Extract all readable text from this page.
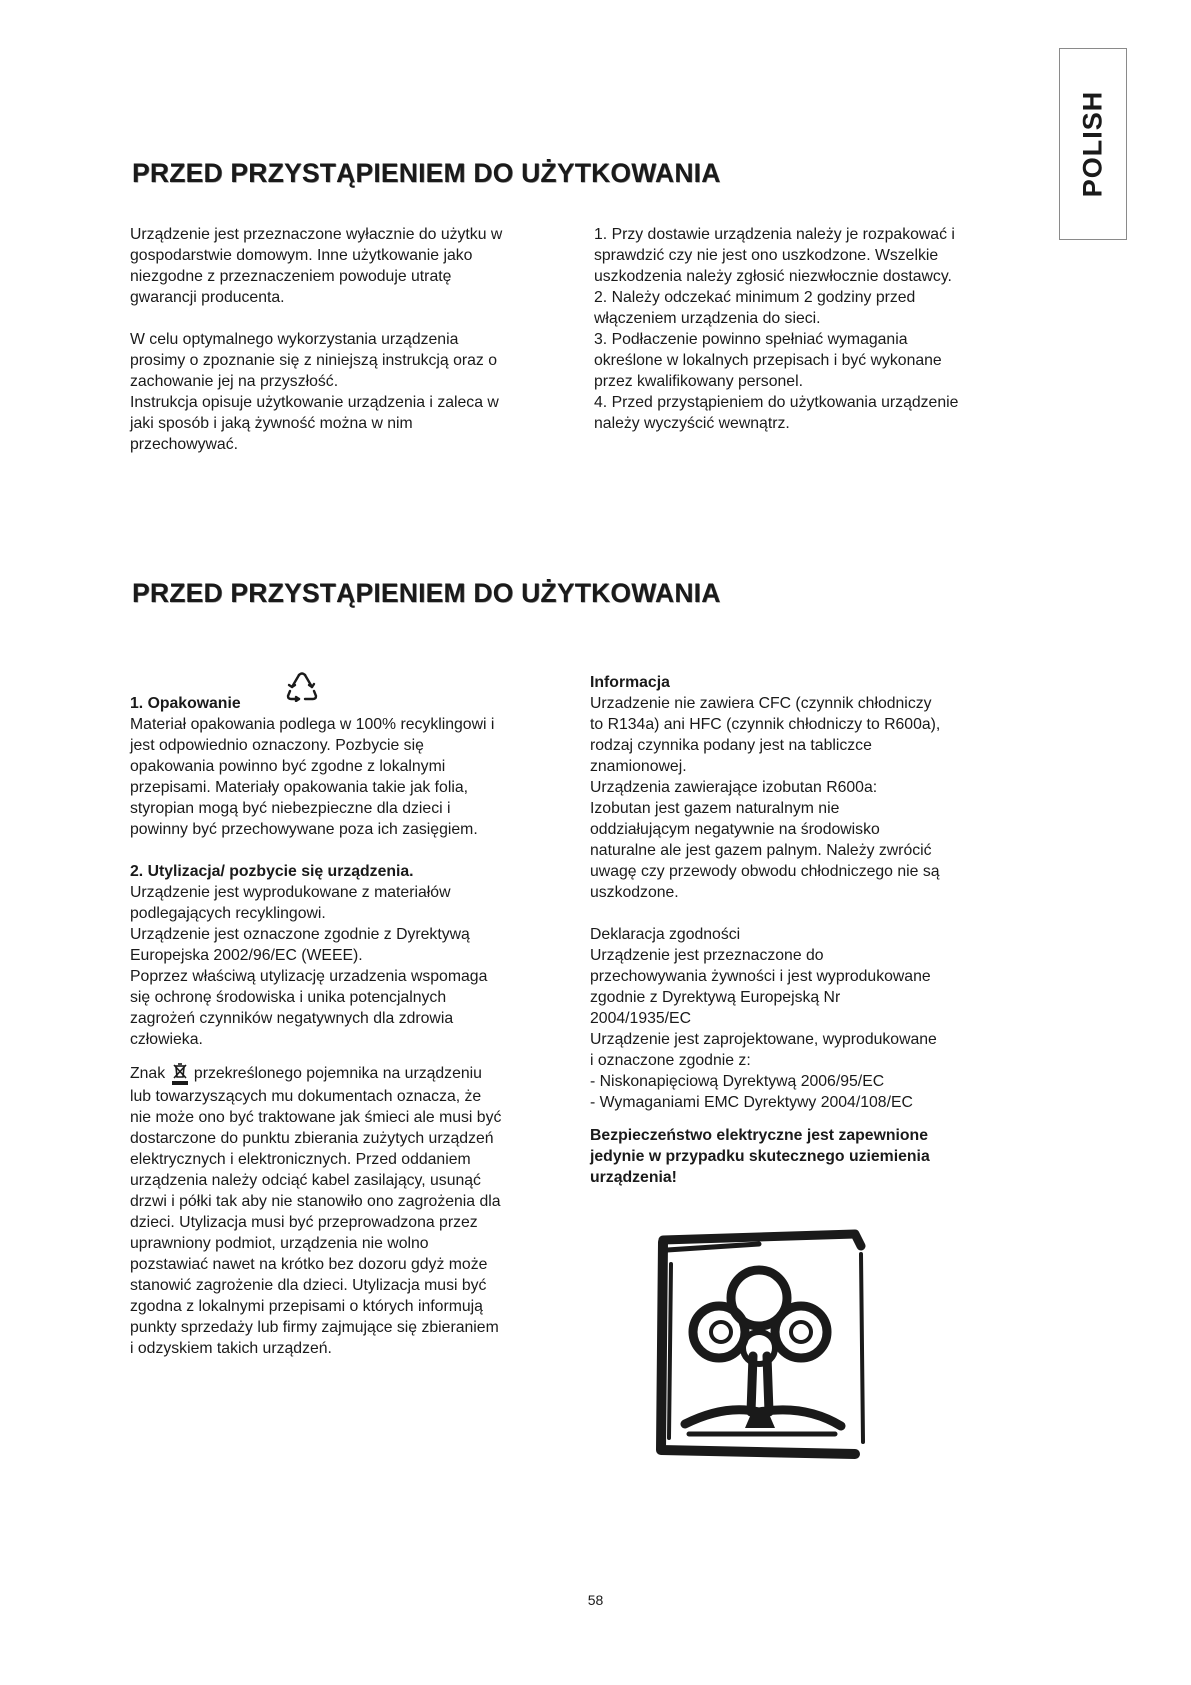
POLISH
PRZED PRZYSTĄPIENIEM DO UŻYTKOWANIA

Urządzenie jest przeznaczone wyłacznie do użytku w

gospodarstwie domowym. Inne użytkowanie jako

niezgodne z przeznaczeniem powoduje utratę

gwarancji producenta.

W celu optymalnego wykorzystania urządzenia

prosimy o zpoznanie się z niniejszą instrukcją oraz o

zachowanie jej na przyszłość.

Instrukcja opisuje użytkowanie urządzenia i zaleca w

jaki sposób i jaką żywność można w nim

przechowywać.

1. Przy dostawie urządzenia należy je rozpakować i

sprawdzić czy nie jest ono uszkodzone. Wszelkie

uszkodzenia należy zgłosić niezwłocznie dostawcy.

2. Należy odczekać minimum 2 godziny przed

włączeniem urządzenia do sieci.

3. Podłaczenie powinno spełniać wymagania

określone w lokalnych przepisach i być wykonane

przez kwalifikowany personel.

4. Przed przystąpieniem do użytkowania urządzenie

należy wyczyścić wewnątrz.

PRZED PRZYSTĄPIENIEM DO UŻYTKOWANIA

1. Opakowanie

Materiał opakowania podlega w 100% recyklingowi i

jest odpowiednio oznaczony. Pozbycie się

opakowania powinno być zgodne z lokalnymi

przepisami. Materiały opakowania takie jak folia,

styropian mogą być niebezpieczne dla dzieci i

powinny być przechowywane poza ich zasięgiem.

2. Utylizacja/ pozbycie się urządzenia.

Urządzenie jest wyprodukowane z materiałów

podlegających recyklingowi.

Urządzenie jest oznaczone zgodnie z Dyrektywą

Europejska 2002/96/EC (WEEE).

Poprzez właściwą utylizację urzadzenia wspomaga

się ochronę środowiska i unika potencjalnych

zagrożeń czynników negatywnych dla zdrowia

człowieka.

Znak przekreślonego pojemnika na urządzeniu

lub towarzyszących mu dokumentach oznacza, że

nie może ono być traktowane jak śmieci ale musi być

dostarczone do punktu zbierania zużytych urządzeń

elektrycznych i elektronicznych. Przed oddaniem

urządzenia należy odciąć kabel zasilający, usunąć

drzwi i półki tak aby nie stanowiło ono zagrożenia dla

dzieci. Utylizacja musi być przeprowadzona przez

uprawniony podmiot, urządzenia nie wolno

pozstawiać nawet na krótko bez dozoru gdyż może

stanowić zagrożenie dla dzieci. Utylizacja musi być

zgodna z lokalnymi przepisami o których informują

punkty sprzedaży lub firmy zajmujące się zbieraniem

i odzyskiem takich urządzeń.

Informacja

Urzadzenie nie zawiera CFC (czynnik chłodniczy

to R134a) ani HFC (czynnik chłodniczy to R600a),

rodzaj czynnika podany jest na tabliczce

znamionowej.

Urządzenia zawierające izobutan R600a:

Izobutan jest gazem naturalnym nie

oddziałującym negatywnie na środowisko

naturalne ale jest gazem palnym. Należy zwrócić

uwagę czy przewody obwodu chłodniczego nie są

uszkodzone.

Deklaracja zgodności

Urządzenie jest przeznaczone do

przechowywania żywności i jest wyprodukowane

zgodnie z Dyrektywą Europejską Nr

2004/1935/EC

Urządzenie jest zaprojektowane, wyprodukowane

i oznaczone zgodnie z:

- Niskonapięciową Dyrektywą 2006/95/EC

- Wymaganiami EMC Dyrektywy 2004/108/EC

Bezpieczeństwo elektryczne jest zapewnione

jedynie w przypadku skutecznego uziemienia

urządzenia!

58
